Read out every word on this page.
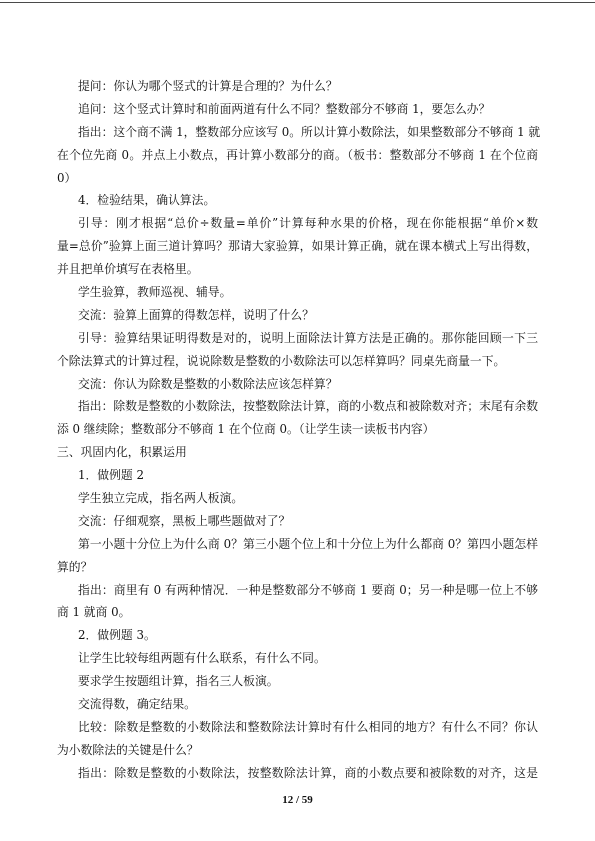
提问：你认为哪个竖式的计算是合理的？为什么？
追问：这个竖式计算时和前面两道有什么不同？整数部分不够商 1，要怎么办？
指出：这个商不满 1，整数部分应该写 0。所以计算小数除法，如果整数部分不够商 1 就
在个位先商 0。并点上小数点，再计算小数部分的商。（板书：整数部分不够商 1 在个位商
0）
4．检验结果，确认算法。
引导：刚才根据“总价÷数量=单价”计算每种水果的价格，现在你能根据“单价×数
量=总价”验算上面三道计算吗？那请大家验算，如果计算正确，就在课本横式上写出得数，
并且把单价填写在表格里。
学生验算，教师巡视、辅导。
交流：验算上面算的得数怎样，说明了什么？
引导：验算结果证明得数是对的，说明上面除法计算方法是正确的。那你能回顾一下三
个除法算式的计算过程，说说除数是整数的小数除法可以怎样算吗？同桌先商量一下。
交流：你认为除数是整数的小数除法应该怎样算？
指出：除数是整数的小数除法，按整数除法计算，商的小数点和被除数对齐；末尾有余数
添 0 继续除；整数部分不够商 1 在个位商 0。（让学生读一读板书内容）
三、巩固内化，积累运用
1．做例题 2
学生独立完成，指名两人板演。
交流：仔细观察，黑板上哪些题做对了？
第一小题十分位上为什么商 0？第三小题个位上和十分位上为什么都商 0？第四小题怎样
算的？
指出：商里有 0 有两种情况．一种是整数部分不够商 1 要商 0；另一种是哪一位上不够
商 1 就商 0。
2．做例题 3。
让学生比较每组两题有什么联系，有什么不同。
要求学生按题组计算，指名三人板演。
交流得数，确定结果。
比较：除数是整数的小数除法和整数除法计算时有什么相同的地方？有什么不同？你认
为小数除法的关键是什么？
指出：除数是整数的小数除法，按整数除法计算，商的小数点要和被除数的对齐，这是
12 / 59
